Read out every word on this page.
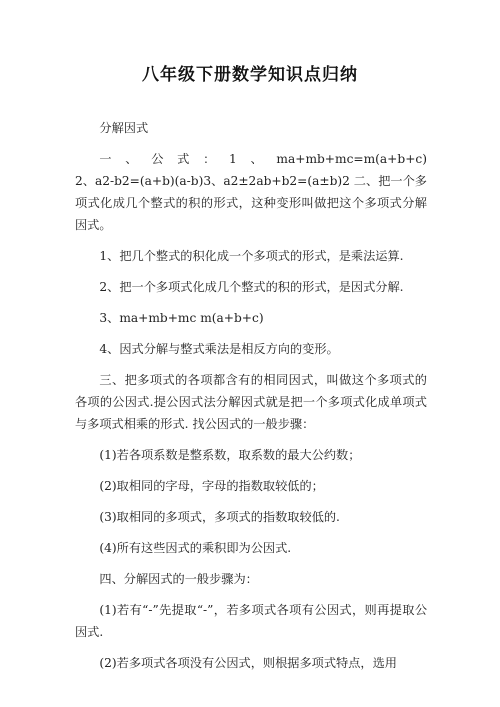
八年级下册数学知识点归纳

分解因式

一、公式：1、ma+mb+mc=m(a+b+c)2、a2-b2=(a+b)(a-b)3、a2±2ab+b2=(a±b)2 二、把一个多项式化成几个整式的积的形式，这种变形叫做把这个多项式分解因式。

1、把几个整式的积化成一个多项式的形式，是乘法运算.

2、把一个多项式化成几个整式的积的形式，是因式分解.

3、ma+mb+mc m(a+b+c)

4、因式分解与整式乘法是相反方向的变形。

三、把多项式的各项都含有的相同因式，叫做这个多项式的各项的公因式.提公因式法分解因式就是把一个多项式化成单项式与多项式相乘的形式. 找公因式的一般步骤：

(1)若各项系数是整系数，取系数的最大公约数；

(2)取相同的字母，字母的指数取较低的；

(3)取相同的多项式，多项式的指数取较低的.

(4)所有这些因式的乘积即为公因式.

四、分解因式的一般步骤为：

(1)若有“-”先提取“-”，若多项式各项有公因式，则再提取公因式.

(2)若多项式各项没有公因式，则根据多项式特点，选用
